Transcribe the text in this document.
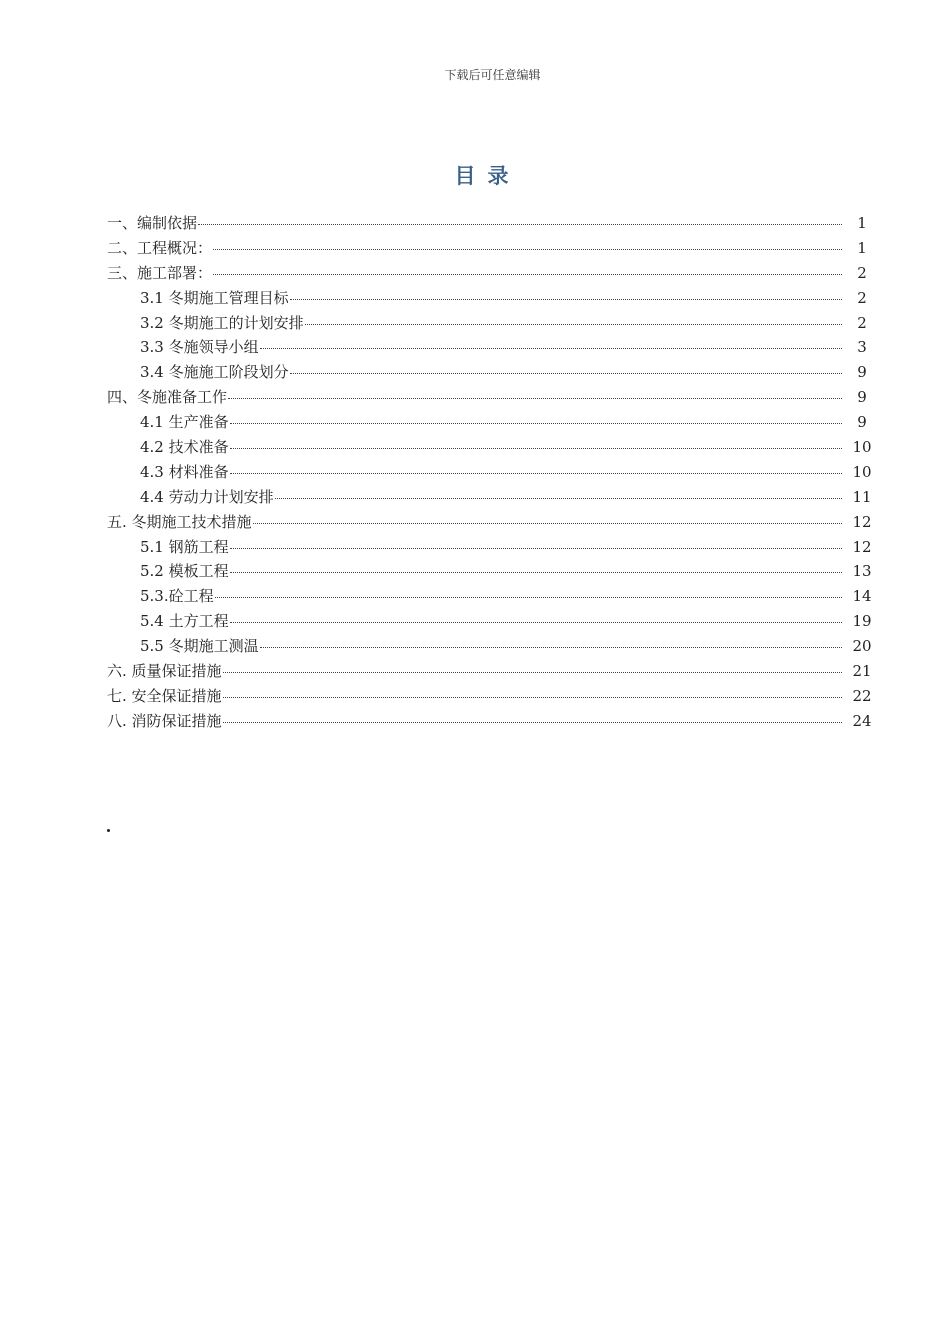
下载后可任意编辑
目录
一、编制依据	1
二、工程概况：	1
三、施工部署：	2
3.1 冬期施工管理目标	2
3.2 冬期施工的计划安排	2
3.3 冬施领导小组	3
3.4 冬施施工阶段划分	9
四、冬施准备工作	9
4.1 生产准备	9
4.2 技术准备	10
4.3 材料准备	10
4.4 劳动力计划安排	11
五. 冬期施工技术措施	12
5.1 钢筋工程	12
5.2 模板工程	13
5.3.砼工程	14
5.4 土方工程	19
5.5 冬期施工测温	20
六. 质量保证措施	21
七. 安全保证措施	22
八. 消防保证措施	24
